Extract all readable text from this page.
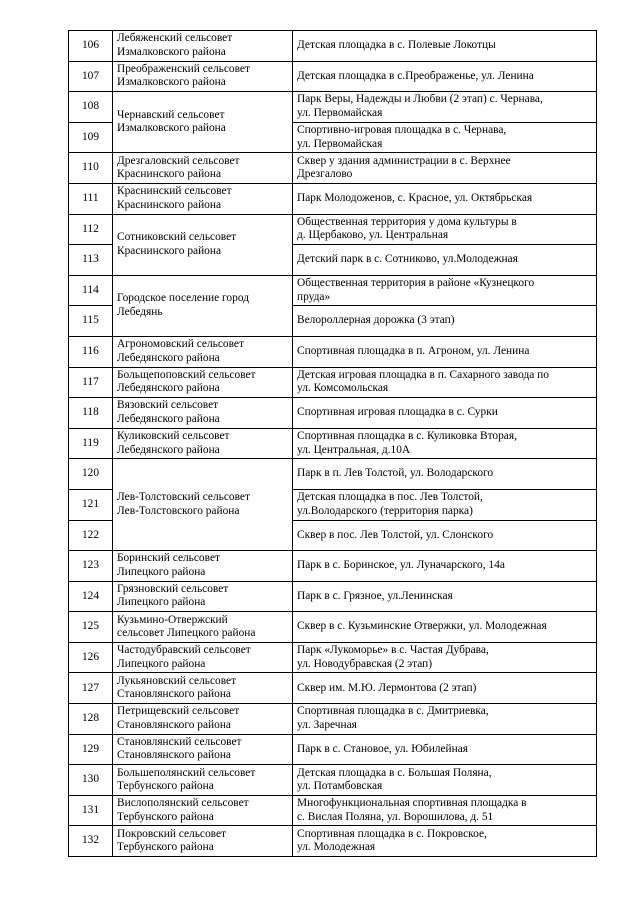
106	Лебяженский сельсовет
Измалковского района	Детская площадка в с. Полевые Локотцы

107	Преображенский сельсовет
Измалковского района	Детская площадка в с.Преображенье, ул. Ленина

108	Чернавский сельсовет
Измалковского района	Парк Веры, Надежды и Любви (2 этап) с. Чернава,
ул. Первомайская

109		Спортивно-игровая площадка в с. Чернава,
ул. Первомайская

110	Дрезгаловский сельсовет
Краснинского района	Сквер у здания администрации в с. Верхнее
Дрезгалово

111	Краснинский сельсовет
Краснинского района	Парк Молодоженов, с. Красное, ул. Октябрьская

112	Сотниковский сельсовет
Краснинского района	Общественная территория у дома культуры в
д. Щербаково, ул. Центральная

113		Детский парк в с. Сотниково, ул.Молодежная

114	Городское поселение город
Лебедянь	Общественная территория в районе «Кузнецкого
пруда»

115		Велороллерная дорожка (3 этап)

116	Агрономовский сельсовет
Лебедянского района	Спортивная площадка в п. Агроном, ул. Ленина

117	Больщепоповский сельсовет
Лебедянского района	Детская игровая площадка в п. Сахарного завода по
ул. Комсомольская

118	Вязовский сельсовет
Лебедянского района	Спортивная игровая площадка в с. Сурки

119	Куликовский сельсовет
Лебедянского района	Спортивная площадка в с. Куликовка Вторая,
ул. Центральная, д.10А

120	Лев-Толстовский сельсовет
Лев-Толстовского района	Парк в п. Лев Толстой, ул. Володарского

121		Детская площадка в пос. Лев Толстой,
ул.Володарского (территория парка)

122		Сквер в пос. Лев Толстой, ул. Слонского

123	Боринский сельсовет
Липецкого района	Парк в с. Боринское, ул. Луначарского, 14а

124	Грязновский сельсовет
Липецкого района	Парк в с. Грязное, ул.Ленинская

125	Кузьмино-Отвержский
сельсовет Липецкого района	Сквер в с. Кузьминские Отвержки, ул. Молодежная

126	Частодубравский сельсовет
Липецкого района	Парк «Лукоморье» в с. Частая Дубрава,
ул. Новодубравская (2 этап)

127	Лукьяновский сельсовет
Становлянского района	Сквер им. М.Ю. Лермонтова (2 этап)

128	Петрищевский сельсовет
Становлянского района	Спортивная площадка в с. Дмитриевка,
ул. Заречная

129	Становлянский сельсовет
Становлянского района	Парк в с. Становое, ул. Юбилейная

130	Большеполянский сельсовет
Тербунского района	Детская площадка в с. Большая Поляна,
ул. Потамбовская

131	Вислополянский сельсовет
Тербунского района	Многофункциональная спортивная площадка в
с. Вислая Поляна, ул. Ворошилова, д. 51

132	Покровский сельсовет
Тербунского района	Спортивная площадка в с. Покровское,
ул. Молодежная
